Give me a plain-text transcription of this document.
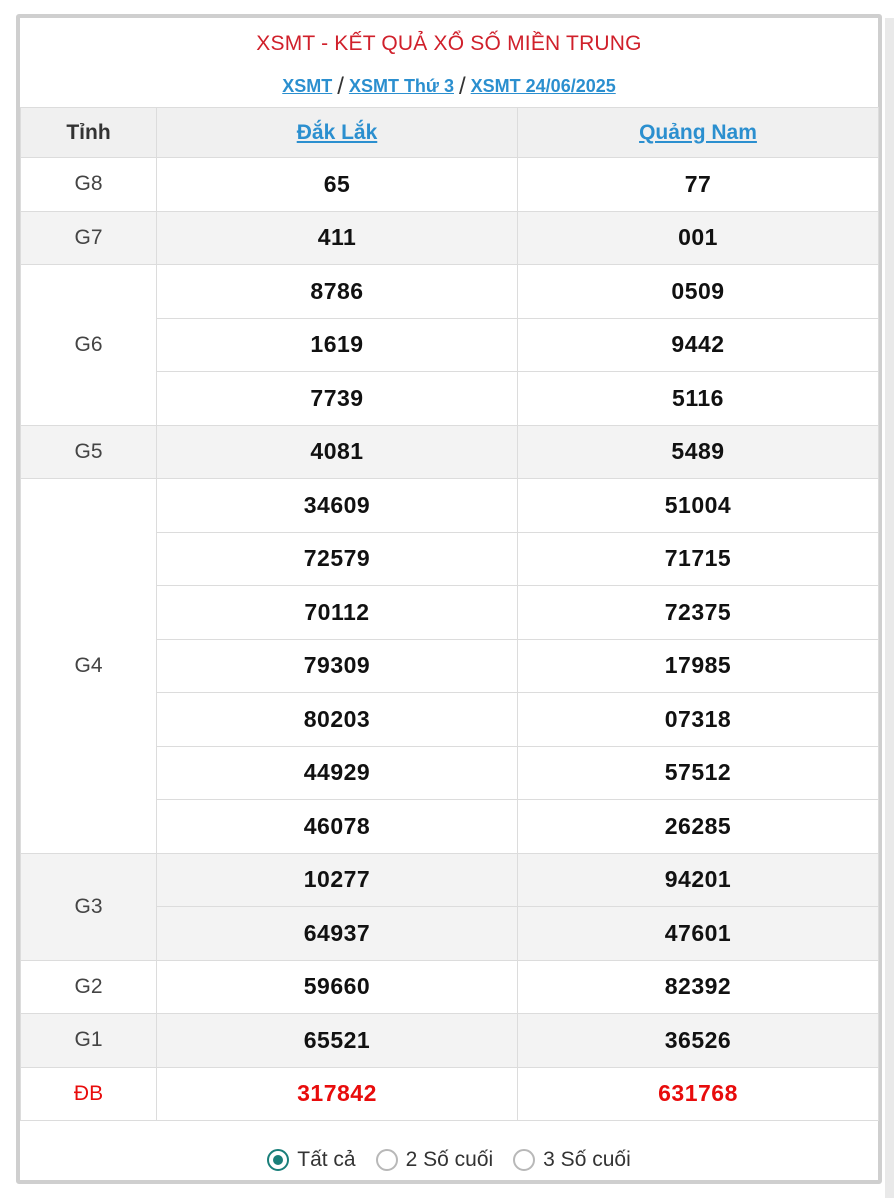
XSMT - KẾT QUẢ XỔ SỐ MIỀN TRUNG
XSMT / XSMT Thứ 3 / XSMT 24/06/2025
Tỉnh	Đắk Lắk	Quảng Nam
G8	65	77
G7	411	001
G6	8786	0509
	1619	9442
	7739	5116
G5	4081	5489
G4	34609	51004
	72579	71715
	70112	72375
	79309	17985
	80203	07318
	44929	57512
	46078	26285
G3	10277	94201
	64937	47601
G2	59660	82392
G1	65521	36526
ĐB	317842	631768
Tất cả 2 Số cuối 3 Số cuối
